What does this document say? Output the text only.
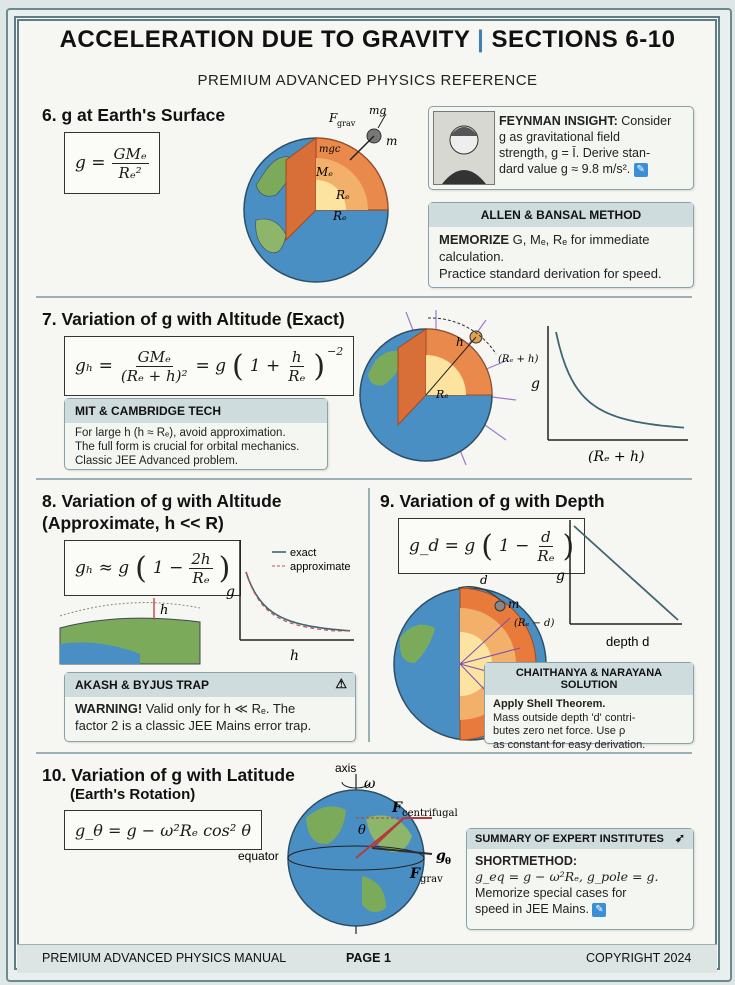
ACCELERATION DUE TO GRAVITY | SECTIONS 6-10
PREMIUM ADVANCED PHYSICS REFERENCE
6. g at Earth's Surface
$g = \frac{\text{GMₑ}}{\text{Rₑ²}}$
F grav
mg
m
mgc
Mₑ
Rₑ
Rₑ
FEYNMAN INSIGHT: Consider
g as gravitational field
strength, g = Ī. Derive stan-
dard value g ≈ 9.8 m/s². ✎
ALLEN & BANSAL METHOD
MEMORIZE G, Mₑ, Rₑ for immediate
calculation.
Practice standard derivation for speed.
7. Variation of g with Altitude (Exact)
$g_h = \frac{\text{GMₑ}}{\text{(Rₑ + h)²}} = g$ ( $1 + \frac{h}{\text{Rₑ}} )^{-2}$
MIT & CAMBRIDGE TECH
For large h (h ≈ Rₑ), avoid approximation.
The full form is crucial for orbital mechanics.
Classic JEE Advanced problem.
h
(Rₑ + h)
Rₑ
g
(Rₑ + h)
8. Variation of g with Altitude
(Approximate, h << R)
gₕ ≈ g ( $1 - \frac{2h}{\text{Rₑ}}$ )
h
exact
approximate
g
h
AKASH & BYJUS TRAP	⚠
WARNING! Valid only for h ≪ Rₑ. The
factor 2 is a classic JEE Mains error trap.
9. Variation of g with Depth
g_d = g ( $1 - \frac{d}{\text{Rₑ}}$ )
g
depth d
d
m
(Rₑ − d)
CHAITHANYA & NARAYANA SOLUTION
Apply Shell Theorem.
Mass outside depth 'd' contri-
butes zero net force. Use ρ
as constant for easy derivation.
10. Variation of g with Latitude
(Earth's Rotation)
g_θ = g − ω²Rₑ cos² θ
axis
ω
equator
θ
F centrifugal
g θ
F grav
SUMMARY OF EXPERT INSTITUTES ➹
SHORTMETHOD:
g_eq = g − ω²Rₑ, g_pole = g.
Memorize special cases for
speed in JEE Mains. ✎
PREMIUM ADVANCED PHYSICS MANUAL	PAGE 1	COPYRIGHT 2024
